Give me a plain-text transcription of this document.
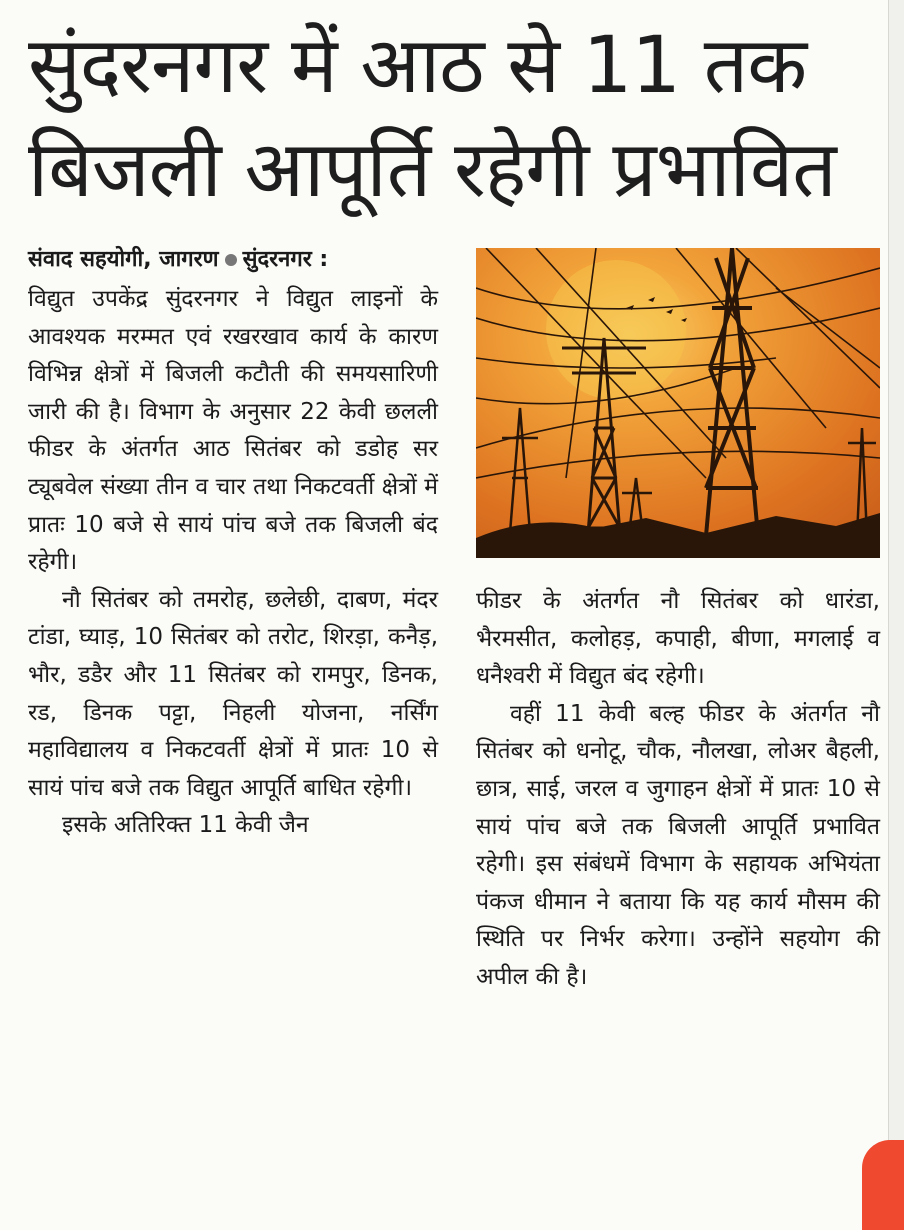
सुंदरनगर में आठ से 11 तक
बिजली आपूर्ति रहेगी प्रभावित
संवाद सहयोगी, जागरण सुंदरनगर :

विद्युत उपकेंद्र सुंदरनगर ने विद्युत लाइनों के आवश्यक मरम्मत एवं रखरखाव कार्य के कारण विभिन्न क्षेत्रों में बिजली कटौती की समयसारिणी जारी की है। विभाग के अनुसार 22 केवी छलली फीडर के अंतर्गत आठ सितंबर को डडोह सर ट्यूबवेल संख्या तीन व चार तथा निकटवर्ती क्षेत्रों में प्रातः 10 बजे से सायं पांच बजे तक बिजली बंद रहेगी।

नौ सितंबर को तमरोह, छलेछी, दाबण, मंदर टांडा, घ्याड़, 10 सितंबर को तरोट, शिरड़ा, कनैड़, भौर, डडैर और 11 सितंबर को रामपुर, डिनक, रड, डिनक पट्टा, निहली योजना, नर्सिंग महाविद्यालय व निकटवर्ती क्षेत्रों में प्रातः 10 से सायं पांच बजे तक विद्युत आपूर्ति बाधित रहेगी।

इसके अतिरिक्त 11 केवी जैन

फीडर के अंतर्गत नौ सितंबर को धारंडा, भैरमसीत, कलोहड़, कपाही, बीणा, मगलाई व धनैश्वरी में विद्युत बंद रहेगी।

वहीं 11 केवी बल्ह फीडर के अंतर्गत नौ सितंबर को धनोटू, चौक, नौलखा, लोअर बैहली, छात्र, साई, जरल व जुगाहन क्षेत्रों में प्रातः 10 से सायं पांच बजे तक बिजली आपूर्ति प्रभावित रहेगी। इस संबंधमें विभाग के सहायक अभियंता पंकज धीमान ने बताया कि यह कार्य मौसम की स्थिति पर निर्भर करेगा। उन्होंने सहयोग की अपील की है।
